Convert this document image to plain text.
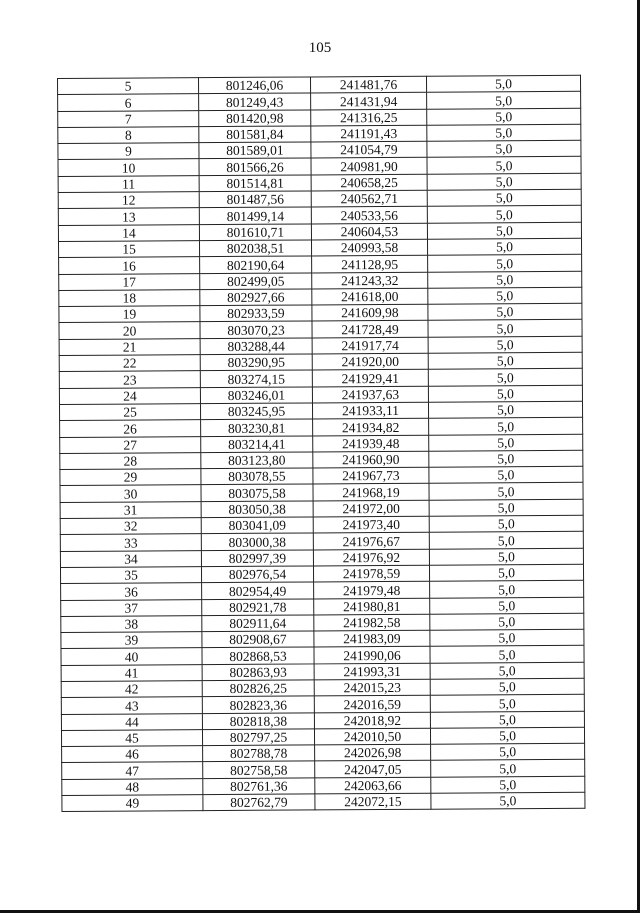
105
5	801246,06	241481,76	5,0
6	801249,43	241431,94	5,0
7	801420,98	241316,25	5,0
8	801581,84	241191,43	5,0
9	801589,01	241054,79	5,0
10	801566,26	240981,90	5,0
11	801514,81	240658,25	5,0
12	801487,56	240562,71	5,0
13	801499,14	240533,56	5,0
14	801610,71	240604,53	5,0
15	802038,51	240993,58	5,0
16	802190,64	241128,95	5,0
17	802499,05	241243,32	5,0
18	802927,66	241618,00	5,0
19	802933,59	241609,98	5,0
20	803070,23	241728,49	5,0
21	803288,44	241917,74	5,0
22	803290,95	241920,00	5,0
23	803274,15	241929,41	5,0
24	803246,01	241937,63	5,0
25	803245,95	241933,11	5,0
26	803230,81	241934,82	5,0
27	803214,41	241939,48	5,0
28	803123,80	241960,90	5,0
29	803078,55	241967,73	5,0
30	803075,58	241968,19	5,0
31	803050,38	241972,00	5,0
32	803041,09	241973,40	5,0
33	803000,38	241976,67	5,0
34	802997,39	241976,92	5,0
35	802976,54	241978,59	5,0
36	802954,49	241979,48	5,0
37	802921,78	241980,81	5,0
38	802911,64	241982,58	5,0
39	802908,67	241983,09	5,0
40	802868,53	241990,06	5,0
41	802863,93	241993,31	5,0
42	802826,25	242015,23	5,0
43	802823,36	242016,59	5,0
44	802818,38	242018,92	5,0
45	802797,25	242010,50	5,0
46	802788,78	242026,98	5,0
47	802758,58	242047,05	5,0
48	802761,36	242063,66	5,0
49	802762,79	242072,15	5,0
